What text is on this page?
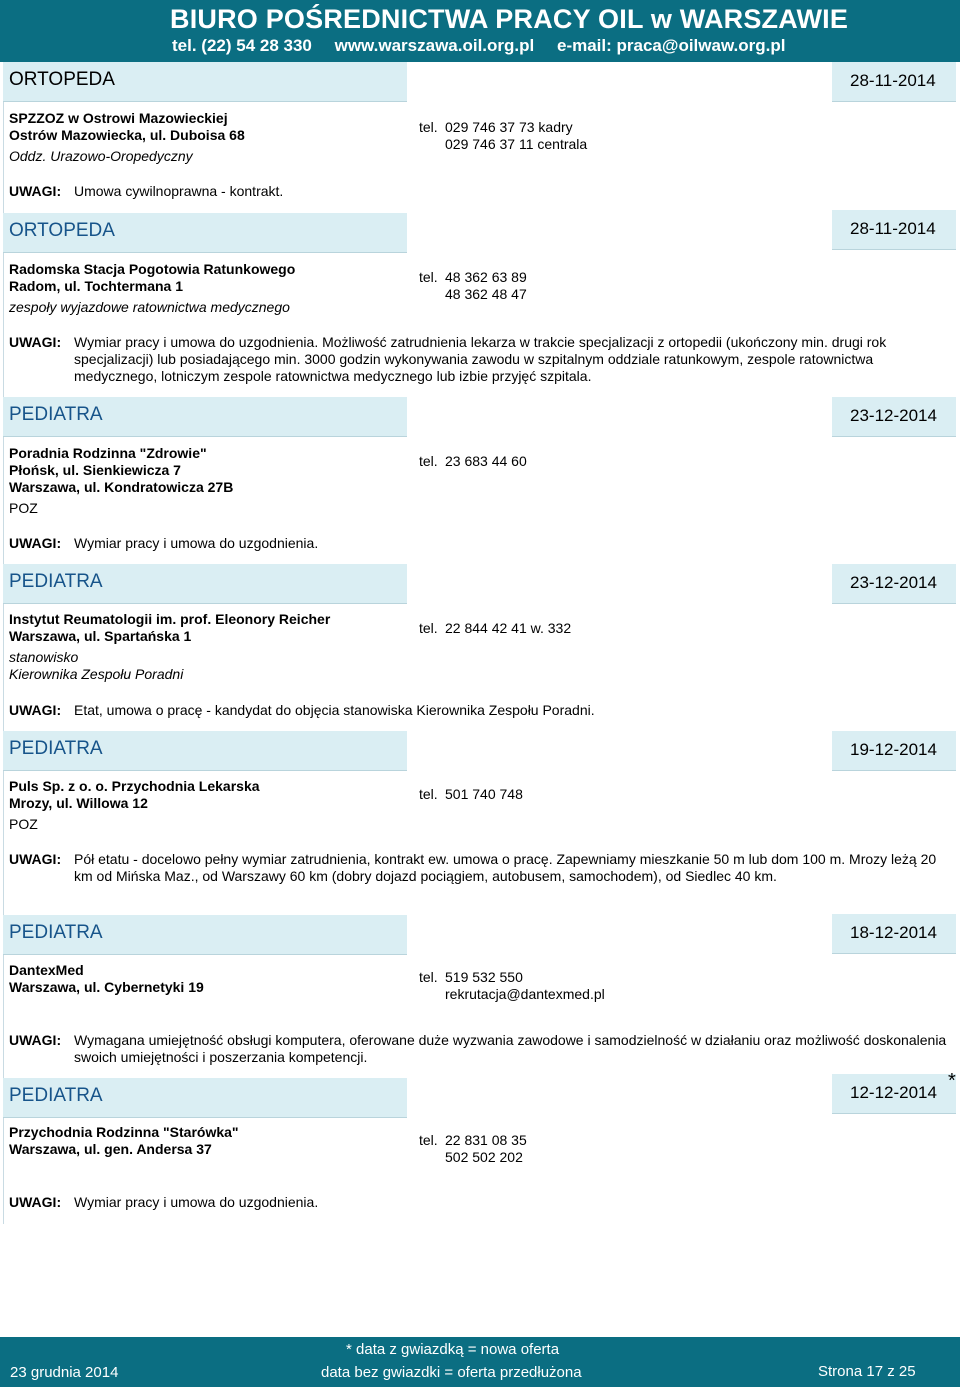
BIURO POŚREDNICTWA PRACY OIL w WARSZAWIE
tel. (22) 54 28 330 www.warszawa.oil.org.pl e-mail: praca@oilwaw.org.pl
ORTOPEDA	28-11-2014
SPZZOZ w Ostrowi Mazowieckiej
Ostrów Mazowiecka, ul. Duboisa 68
Oddz. Urazowo-Oropedyczny
tel. 029 746 37 73 kadry
029 746 37 11 centrala
UWAGI: Umowa cywilnoprawna - kontrakt.
ORTOPEDA	28-11-2014
Radomska Stacja Pogotowia Ratunkowego
Radom, ul. Tochtermana 1
zespoły wyjazdowe ratownictwa medycznego
tel. 48 362 63 89
48 362 48 47
UWAGI: Wymiar pracy i umowa do uzgodnienia. Możliwość zatrudnienia lekarza w trakcie specjalizacji z ortopedii (ukończony min. drugi rok specjalizacji) lub posiadającego min. 3000 godzin wykonywania zawodu w szpitalnym oddziale ratunkowym, zespole ratownictwa medycznego, lotniczym zespole ratownictwa medycznego lub izbie przyjęć szpitala.
PEDIATRA	23-12-2014
Poradnia Rodzinna "Zdrowie"
Płońsk, ul. Sienkiewicza 7
Warszawa, ul. Kondratowicza 27B
POZ
tel. 23 683 44 60
UWAGI: Wymiar pracy i umowa do uzgodnienia.
PEDIATRA	23-12-2014
Instytut Reumatologii im. prof. Eleonory Reicher
Warszawa, ul. Spartańska 1
stanowisko
Kierownika Zespołu Poradni
tel. 22 844 42 41 w. 332
UWAGI: Etat, umowa o pracę - kandydat do objęcia stanowiska Kierownika Zespołu Poradni.
PEDIATRA	19-12-2014
Puls Sp. z o. o. Przychodnia Lekarska
Mrozy, ul. Willowa 12
POZ
tel. 501 740 748
UWAGI: Pół etatu - docelowo pełny wymiar zatrudnienia, kontrakt ew. umowa o pracę. Zapewniamy mieszkanie 50 m lub dom 100 m. Mrozy leżą 20 km od Mińska Maz., od Warszawy 60 km (dobry dojazd pociągiem, autobusem, samochodem), od Siedlec 40 km.
PEDIATRA	18-12-2014
DantexMed
Warszawa, ul. Cybernetyki 19
tel. 519 532 550
rekrutacja@dantexmed.pl
UWAGI: Wymagana umiejętność obsługi komputera, oferowane duże wyzwania zawodowe i samodzielność w działaniu oraz możliwość doskonalenia swoich umiejętności i poszerzania kompetencji.
PEDIATRA	12-12-2014
*
Przychodnia Rodzinna "Starówka"
Warszawa, ul. gen. Andersa 37
tel. 22 831 08 35
502 502 202
UWAGI: Wymiar pracy i umowa do uzgodnienia.
23 grudnia 2014
* data z gwiazdką = nowa oferta
data bez gwiazdki = oferta przedłużona	Strona 17 z 25
